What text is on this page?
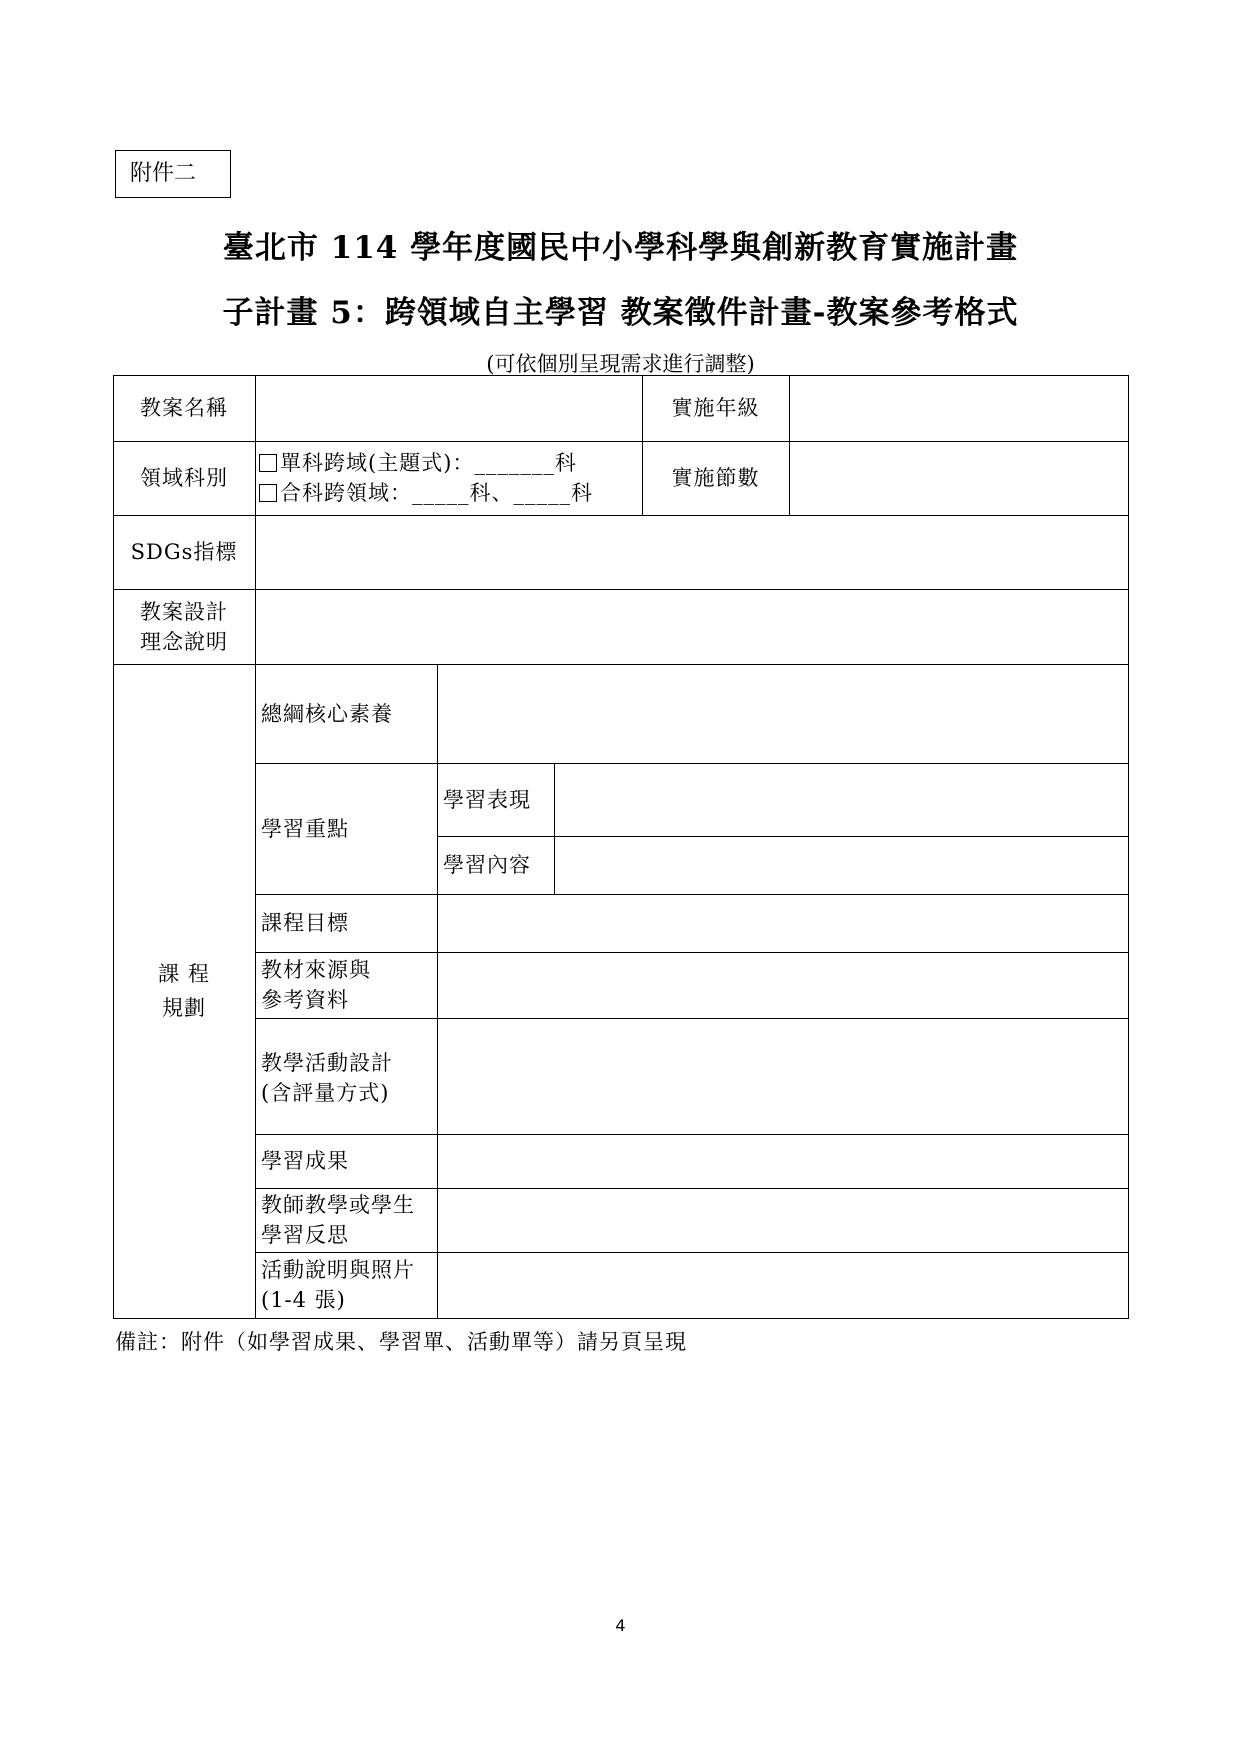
附件二
臺北市 114 學年度國民中小學科學與創新教育實施計畫
子計畫 5：跨領域自主學習 教案徵件計畫-教案參考格式
(可依個別呈現需求進行調整)
教案名稱	實施年級
領域科別
單科跨域(主題式)：_______科
合科跨領域：_____科、_____科
實施節數
SDGs指標
教案設計
理念說明
課 程
規劃
總綱核心素養
學習重點
學習表現
學習內容
課程目標
教材來源與
參考資料
教學活動設計
(含評量方式)
學習成果
教師教學或學生
學習反思
活動說明與照片
(1-4 張)
備註：附件（如學習成果、學習單、活動單等）請另頁呈現
4
